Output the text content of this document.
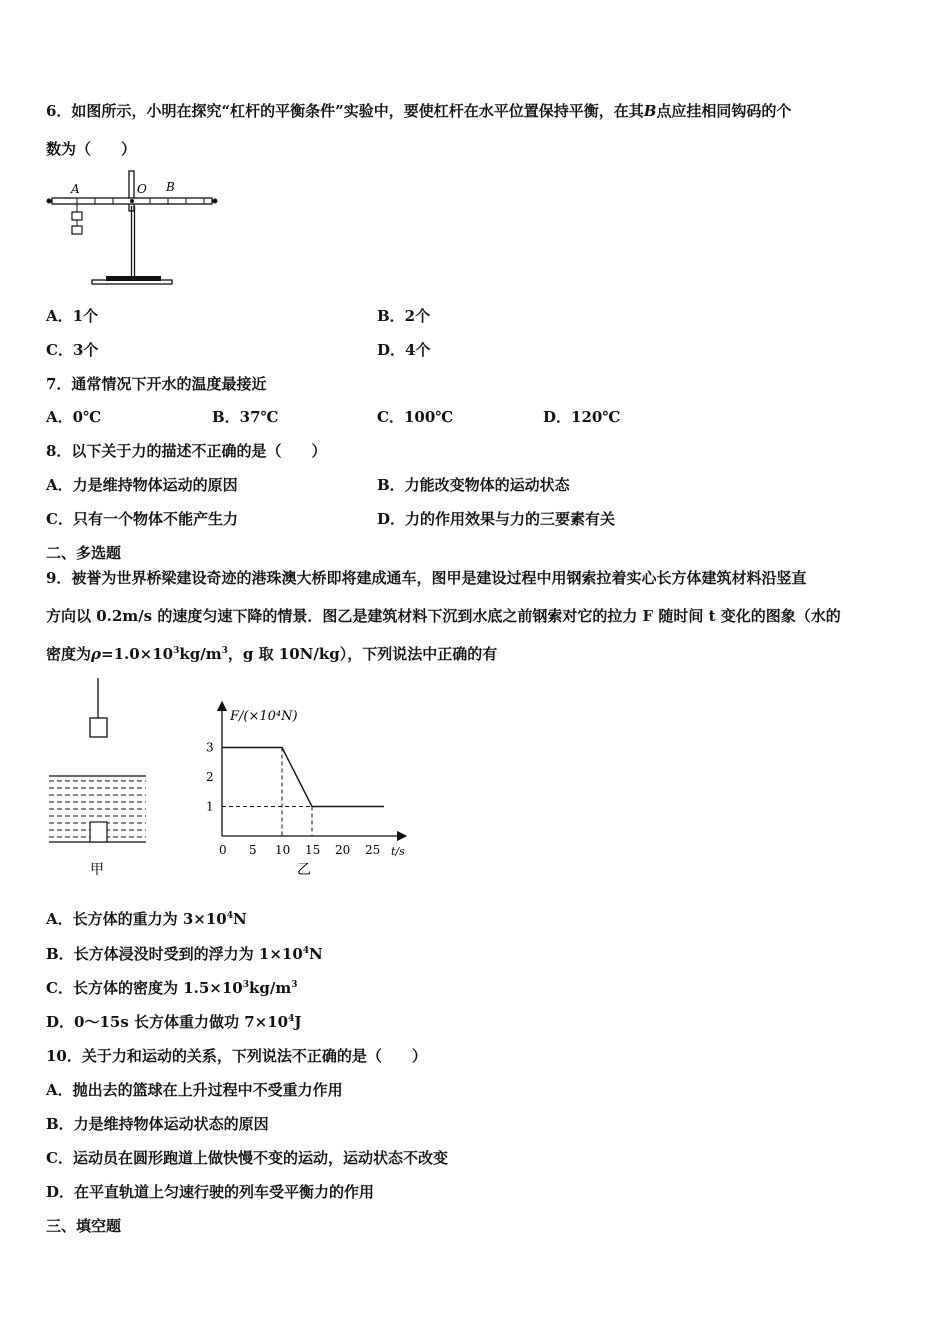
6．如图所示，小明在探究“杠杆的平衡条件”实验中，要使杠杆在水平位置保持平衡，在其B点应挂相同钩码的个
数为（　　）
A	O B
A．1个	B．2个
C．3个	D．4个
7．通常情况下开水的温度最接近
A．0℃	B．37℃	C．100℃	D．120℃
8．以下关于力的描述不正确的是（　　）
A．力是维持物体运动的原因	B．力能改变物体的运动状态
C．只有一个物体不能产生力	D．力的作用效果与力的三要素有关
二、多选题
9．被誉为世界桥梁建设奇迹的港珠澳大桥即将建成通车，图甲是建设过程中用钢索拉着实心长方体建筑材料沿竖直
方向以 0.2m/s 的速度匀速下降的情景．图乙是建筑材料下沉到水底之前钢索对它的拉力 F 随时间 t 变化的图象（水的
密度为$\rho=1.0\times 10^3kg/m^3$，g 取 10N/kg），下列说法中正确的有
甲
F/(×10⁴N)
t/s
0 5 10 15 20 25
1
2
3
乙
A．长方体的重力为 $3\times 10^4N$
B．长方体浸没时受到的浮力为 $1\times 10^4N$
C．长方体的密度为 $1.5\times 10^3kg/m^3$
D．0～15s 长方体重力做功 $7\times 10^4J$
10．关于力和运动的关系，下列说法不正确的是（　　）
A．抛出去的篮球在上升过程中不受重力作用
B．力是维持物体运动状态的原因
C．运动员在圆形跑道上做快慢不变的运动，运动状态不改变
D．在平直轨道上匀速行驶的列车受平衡力的作用
三、填空题
